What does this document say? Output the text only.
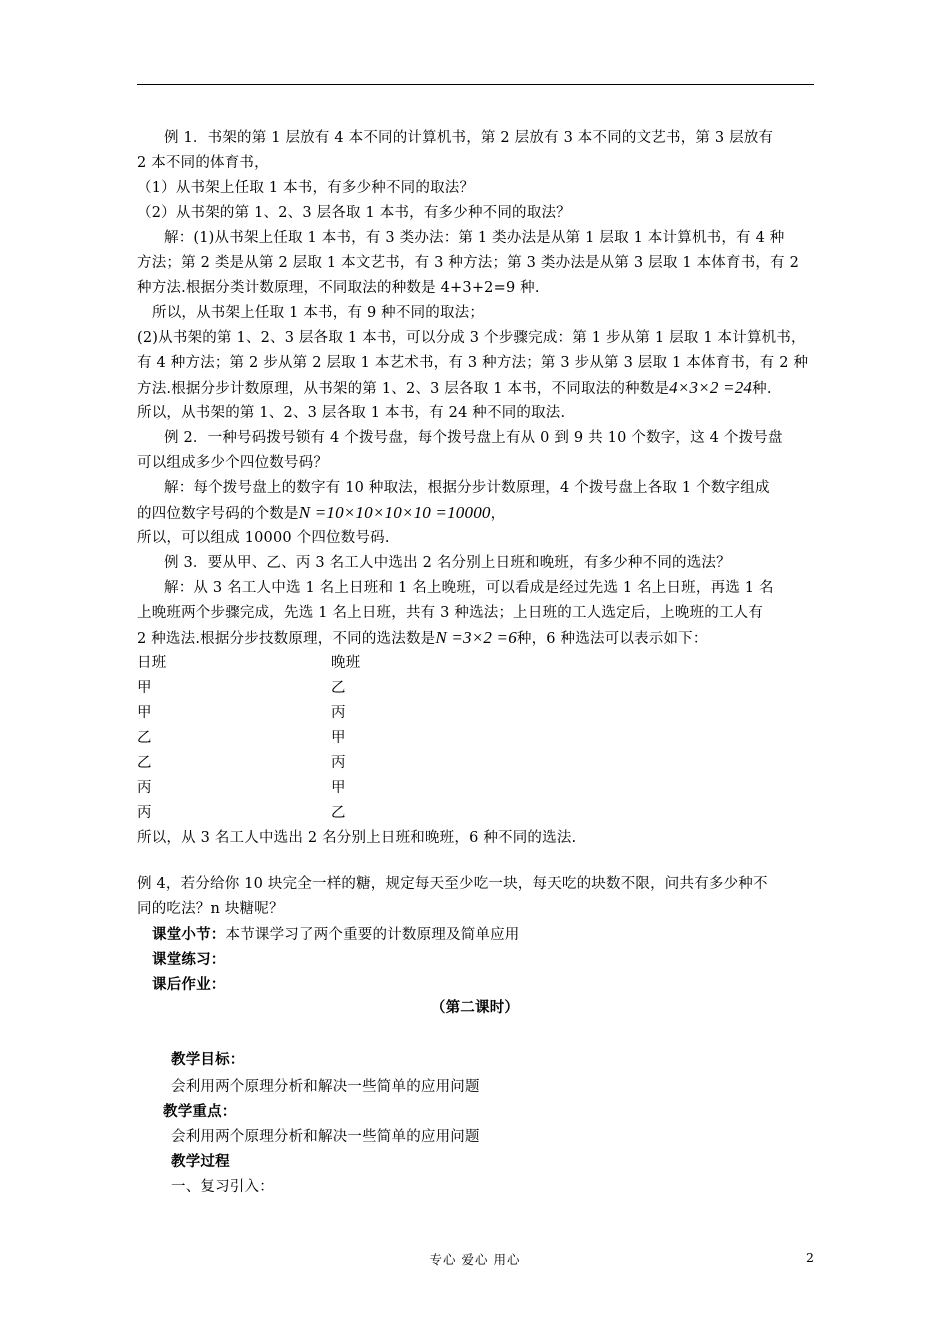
例 1．书架的第 1 层放有 4 本不同的计算机书，第 2 层放有 3 本不同的文艺书，第 3 层放有
2 本不同的体育书，
（1）从书架上任取 1 本书，有多少种不同的取法？
（2）从书架的第 1、2、3 层各取 1 本书，有多少种不同的取法？
解：(1)从书架上任取 1 本书，有 3 类办法：第 1 类办法是从第 1 层取 1 本计算机书，有 4 种
方法；第 2 类是从第 2 层取 1 本文艺书，有 3 种方法；第 3 类办法是从第 3 层取 1 本体育书，有 2
种方法.根据分类计数原理，不同取法的种数是 4+3+2=9 种.
所以，从书架上任取 1 本书，有 9 种不同的取法；
(2)从书架的第 1、2、3 层各取 1 本书，可以分成 3 个步骤完成：第 1 步从第 1 层取 1 本计算机书，
有 4 种方法；第 2 步从第 2 层取 1 本艺术书，有 3 种方法；第 3 步从第 3 层取 1 本体育书，有 2 种
方法.根据分步计数原理，从书架的第 1、2、3 层各取 1 本书，不同取法的种数是4×3×2 =24种.
所以，从书架的第 1、2、3 层各取 1 本书，有 24 种不同的取法.
例 2．一种号码拨号锁有 4 个拨号盘，每个拨号盘上有从 0 到 9 共 10 个数字，这 4 个拨号盘
可以组成多少个四位数号码？
解：每个拨号盘上的数字有 10 种取法，根据分步计数原理，4 个拨号盘上各取 1 个数字组成
的四位数字号码的个数是N =10×10×10×10 =10000，
所以，可以组成 10000 个四位数号码.
例 3．要从甲、乙、丙 3 名工人中选出 2 名分别上日班和晚班，有多少种不同的选法？
解：从 3 名工人中选 1 名上日班和 1 名上晚班，可以看成是经过先选 1 名上日班，再选 1 名
上晚班两个步骤完成，先选 1 名上日班，共有 3 种选法；上日班的工人选定后，上晚班的工人有
2 种选法.根据分步技数原理，不同的选法数是N =3×2 =6种，6 种选法可以表示如下：
日班	晚班
甲	乙
甲	丙
乙	甲
乙	丙
丙	甲
丙	乙
所以，从 3 名工人中选出 2 名分别上日班和晚班，6 种不同的选法.
例 4，若分给你 10 块完全一样的糖，规定每天至少吃一块，每天吃的块数不限，问共有多少种不
同的吃法？n 块糖呢？
课堂小节：本节课学习了两个重要的计数原理及简单应用
课堂练习：
课后作业：
（第二课时）
教学目标：
会利用两个原理分析和解决一些简单的应用问题
教学重点：
会利用两个原理分析和解决一些简单的应用问题
教学过程
一、复习引入：
专心 爱心 用心	2
